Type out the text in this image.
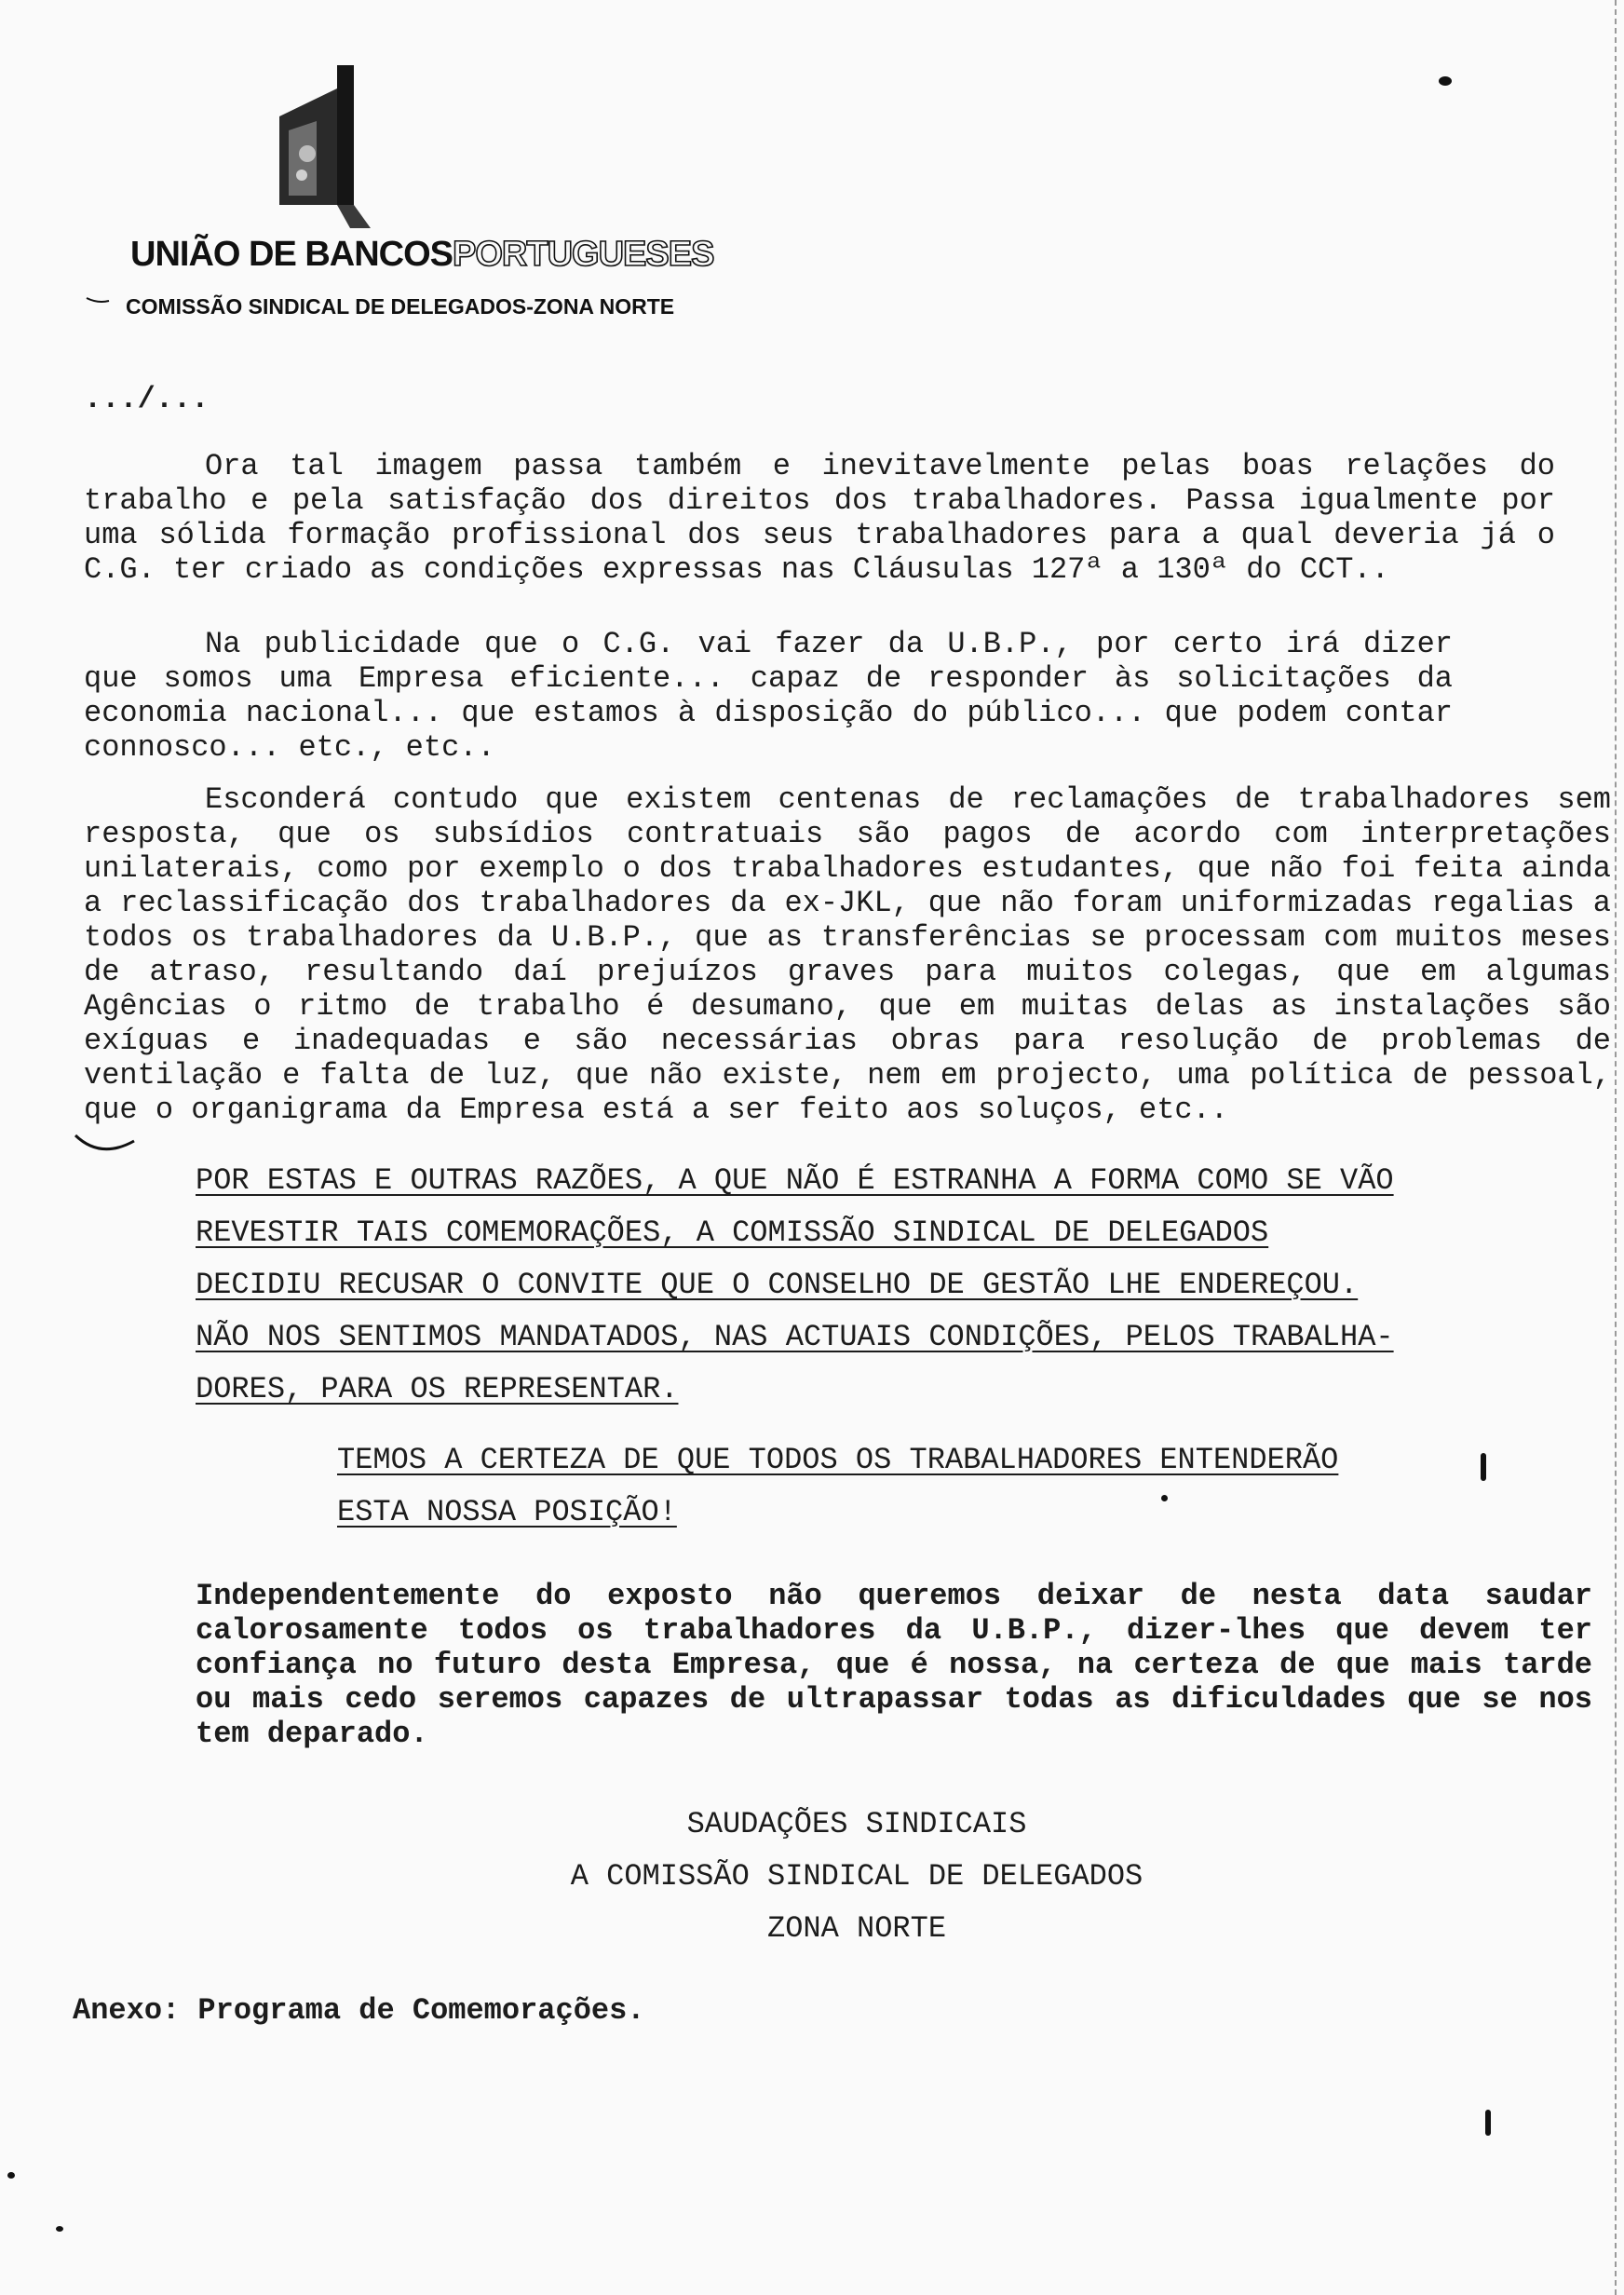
UNIÃO DE BANCOSPORTUGUESES
COMISSÃO SINDICAL DE DELEGADOS-ZONA NORTE
.../...
Ora tal imagem passa também e inevitavelmente pelas boas relações do trabalho e pela satisfação dos direitos dos trabalhadores. Passa igualmente por uma sólida formação profissional dos seus trabalhadores para a qual deveria já o C.G. ter criado as condições expressas nas Cláusulas 127ª a 130ª do CCT..
Na publicidade que o C.G. vai fazer da U.B.P., por certo irá dizer que somos uma Empresa eficiente... capaz de responder às solicitações da economia nacional... que estamos à disposição do público... que podem contar connosco... etc., etc..
Esconderá contudo que existem centenas de reclamações de trabalhadores sem resposta, que os subsídios contratuais são pagos de acordo com interpretações unilaterais, como por exemplo o dos trabalhadores estudantes, que não foi feita ainda a reclassificação dos trabalhadores da ex-JKL, que não foram uniformizadas regalias a todos os trabalhadores da U.B.P., que as transferências se processam com muitos meses de atraso, resultando daí prejuízos graves para muitos colegas, que em algumas Agências o ritmo de trabalho é desumano, que em muitas delas as instalações são exíguas e inadequadas e são necessárias obras para resolução de problemas de ventilação e falta de luz, que não existe, nem em projecto, uma política de pessoal, que o organigrama da Empresa está a ser feito aos soluços, etc..
POR ESTAS E OUTRAS RAZÕES, A QUE NÃO É ESTRANHA A FORMA COMO SE VÃO
REVESTIR TAIS COMEMORAÇÕES, A COMISSÃO SINDICAL DE DELEGADOS
DECIDIU RECUSAR O CONVITE QUE O CONSELHO DE GESTÃO LHE ENDEREÇOU.
NÃO NOS SENTIMOS MANDATADOS, NAS ACTUAIS CONDIÇÕES, PELOS TRABALHA-
DORES, PARA OS REPRESENTAR.
TEMOS A CERTEZA DE QUE TODOS OS TRABALHADORES ENTENDERÃO
ESTA NOSSA POSIÇÃO!
Independentemente do exposto não queremos deixar de nesta data saudar calorosamente todos os trabalhadores da U.B.P., dizer-lhes que devem ter confiança no futuro desta Empresa, que é nossa, na certeza de que mais tarde ou mais cedo seremos capazes de ultrapassar todas as dificuldades que se nos tem deparado.
SAUDAÇÕES SINDICAIS
A COMISSÃO SINDICAL DE DELEGADOS
ZONA NORTE
Anexo: Programa de Comemorações.
